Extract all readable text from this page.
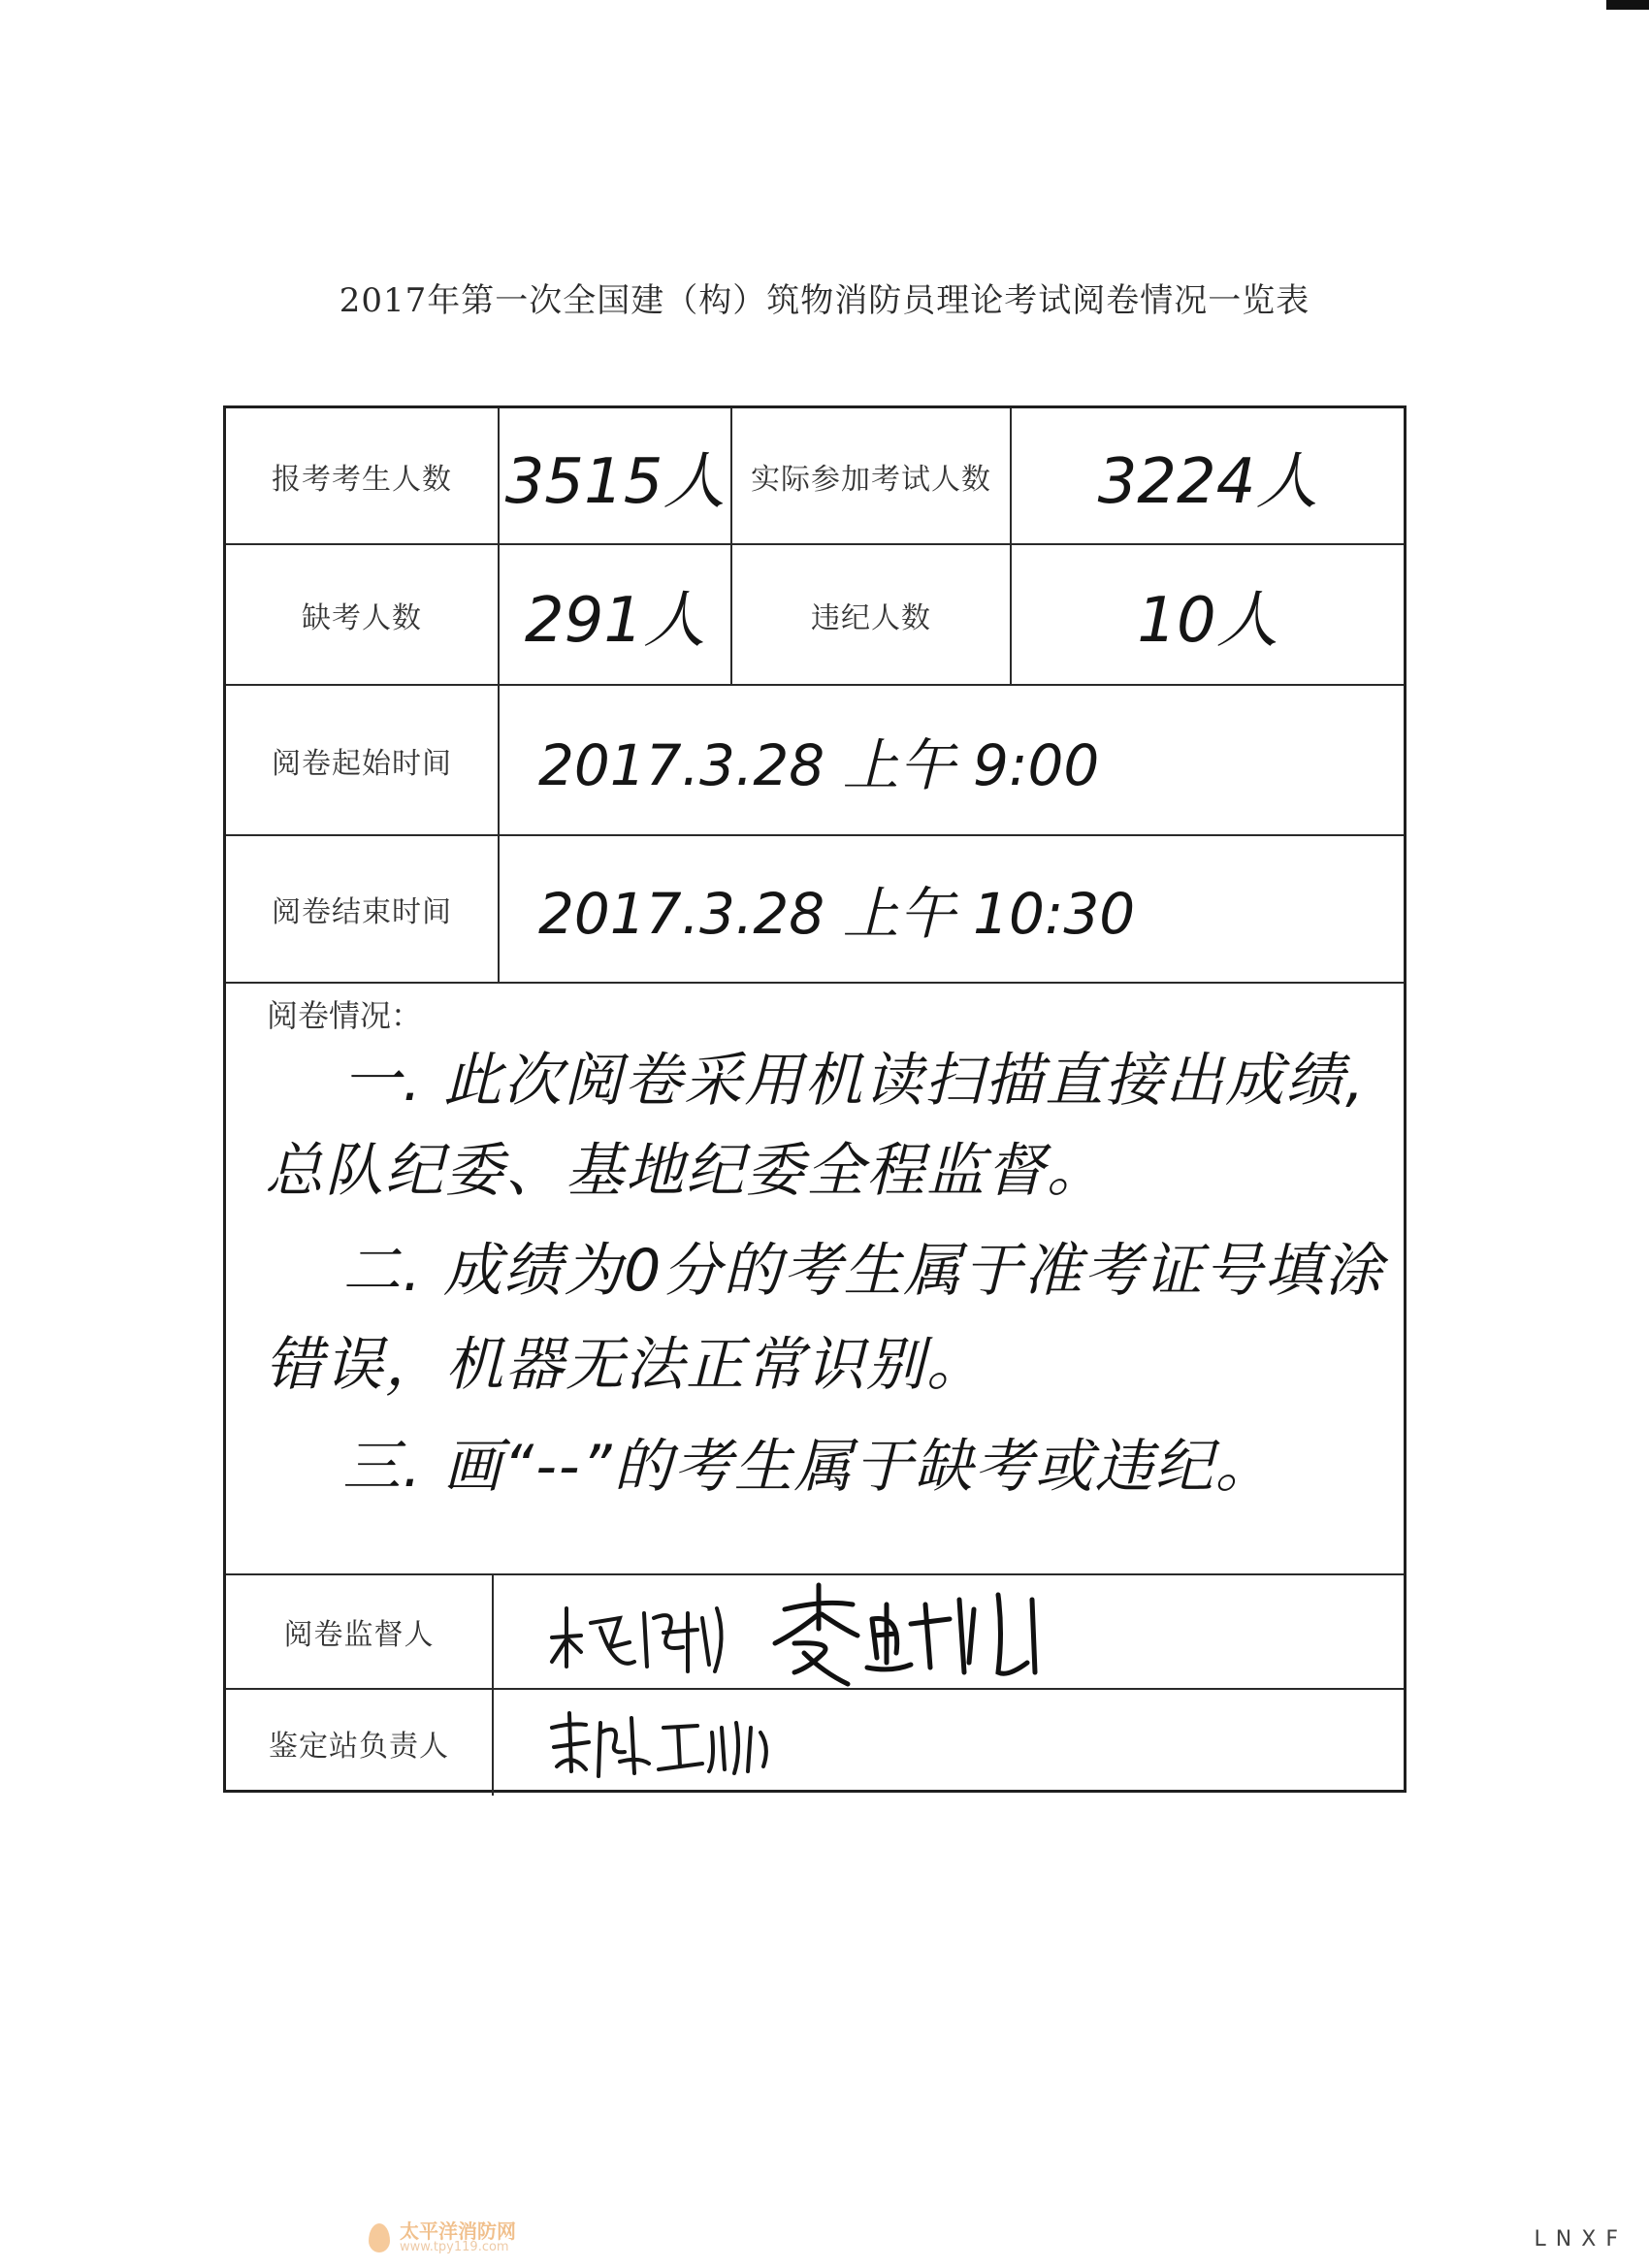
2017年第一次全国建（构）筑物消防员理论考试阅卷情况一览表
报考考生人数 3515人 实际参加考试人数	3224人
缺考人数	291人	违纪人数	10人
阅卷起始时间	2017.3.28 上午 9:00
阅卷结束时间	2017.3.28 上午 10:30
阅卷情况：
一. 此次阅卷采用机读扫描直接出成绩,
总队纪委、基地纪委全程监督。
二. 成绩为0分的考生属于准考证号填涂
错误，机器无法正常识别。
三. 画“--”的考生属于缺考或违纪。
阅卷监督人
鉴定站负责人
太平洋消防网
www.tpy119.com	LNXF
